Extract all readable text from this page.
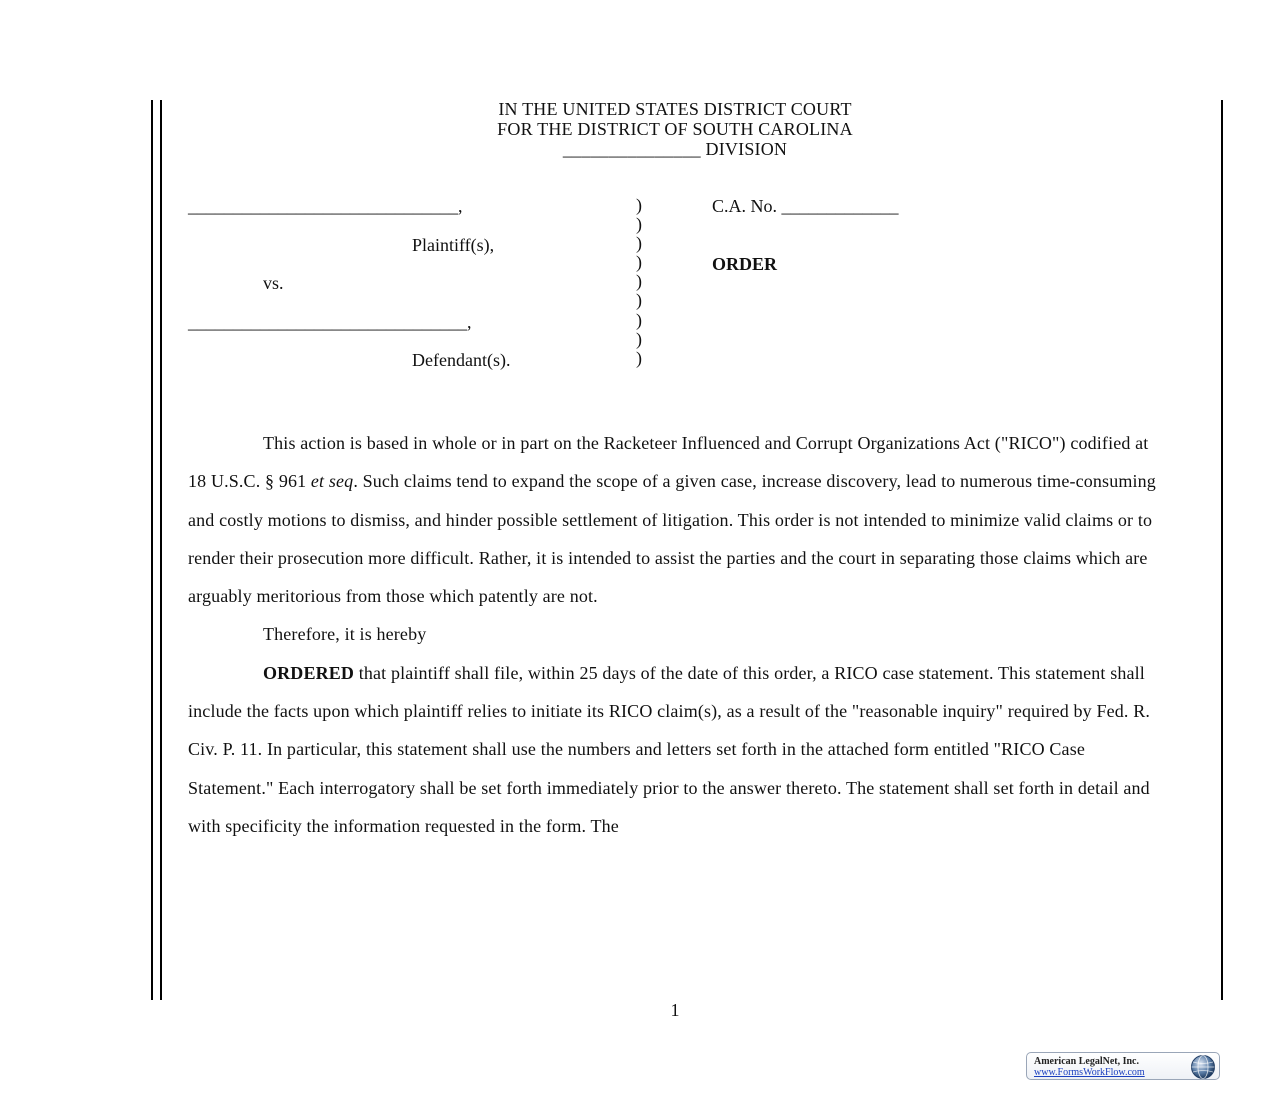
IN THE UNITED STATES DISTRICT COURT
FOR THE DISTRICT OF SOUTH CAROLINA
_______________ DIVISION
______________________________,
Plaintiff(s),
vs.
_______________________________,
Defendant(s).
)
)
)
)
)
)
)
)
)
C.A. No. _____________
ORDER

This action is based in whole or in part on the Racketeer Influenced and Corrupt Organizations Act ("RICO") codified at 18 U.S.C. § 961 et seq. Such claims tend to expand the scope of a given case, increase discovery, lead to numerous time-consuming and costly motions to dismiss, and hinder possible settlement of litigation. This order is not intended to minimize valid claims or to render their prosecution more difficult. Rather, it is intended to assist the parties and the court in separating those claims which are arguably meritorious from those which patently are not.

Therefore, it is hereby

ORDERED that plaintiff shall file, within 25 days of the date of this order, a RICO case statement. This statement shall include the facts upon which plaintiff relies to initiate its RICO claim(s), as a result of the "reasonable inquiry" required by Fed. R. Civ. P. 11. In particular, this statement shall use the numbers and letters set forth in the attached form entitled "RICO Case Statement." Each interrogatory shall be set forth immediately prior to the answer thereto. The statement shall set forth in detail and with specificity the information requested in the form. The

1
American LegalNet, Inc.
www.FormsWorkFlow.com
